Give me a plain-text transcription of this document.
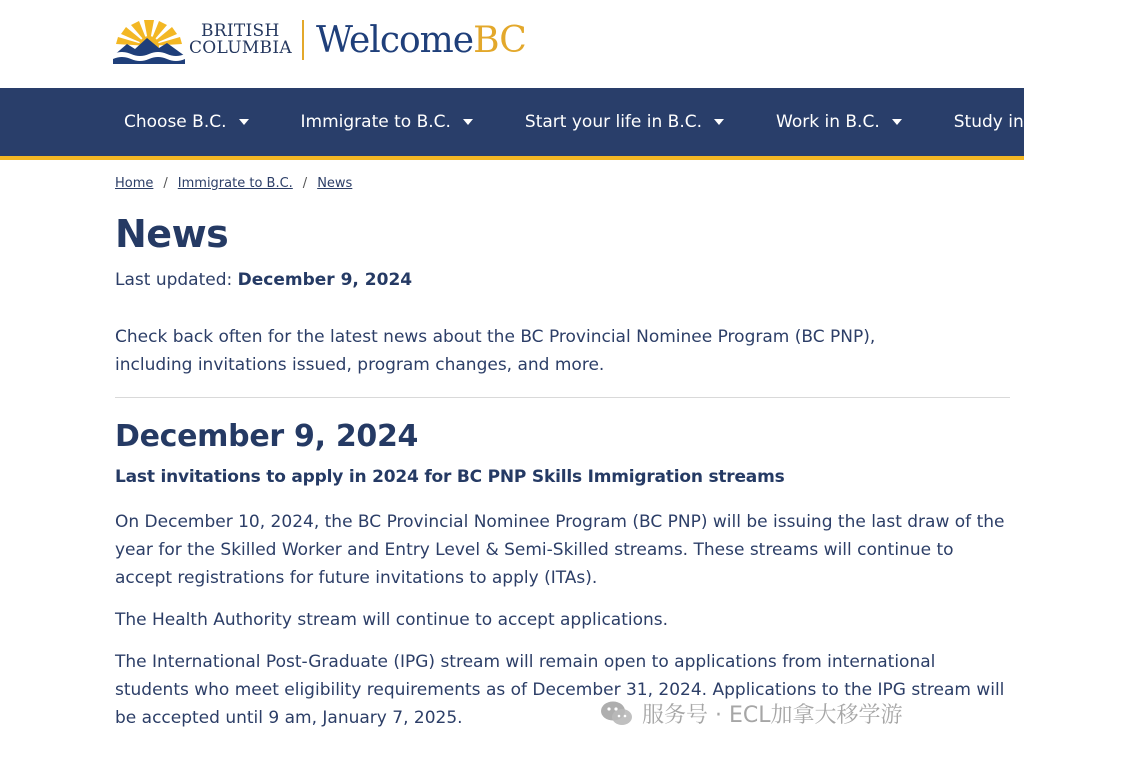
BRITISH
COLUMBIA WelcomeBC
Choose B.C.	Immigrate to B.C.	Start your life in B.C.	Work in B.C.	Study in B.C.
Home / Immigrate to B.C. / News
News

Last updated: December 9, 2024

Check back often for the latest news about the BC Provincial Nominee Program (BC PNP), including invitations issued, program changes, and more.

December 9, 2024
Last invitations to apply in 2024 for BC PNP Skills Immigration streams

On December 10, 2024, the BC Provincial Nominee Program (BC PNP) will be issuing the last draw of the year for the Skilled Worker and Entry Level & Semi-Skilled streams. These streams will continue to accept registrations for future invitations to apply (ITAs).

The Health Authority stream will continue to accept applications.

The International Post-Graduate (IPG) stream will remain open to applications from international students who meet eligibility requirements as of December 31, 2024. Applications to the IPG stream will be accepted until 9 am, January 7, 2025.	服务号 · ECL加拿大移学游
